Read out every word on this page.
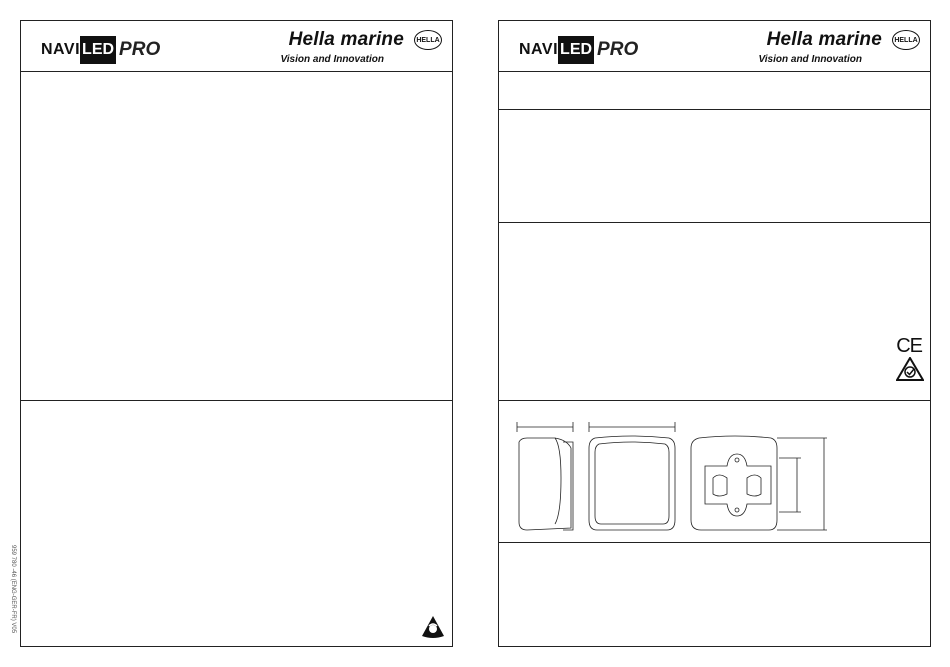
NAVI LED PRO	Hella marine
Vision and Innovation
HELLA
959 780 -46 (ENG-GER-FR) V05
NAVI LED PRO	Hella marine
Vision and Innovation
HELLA
CE
